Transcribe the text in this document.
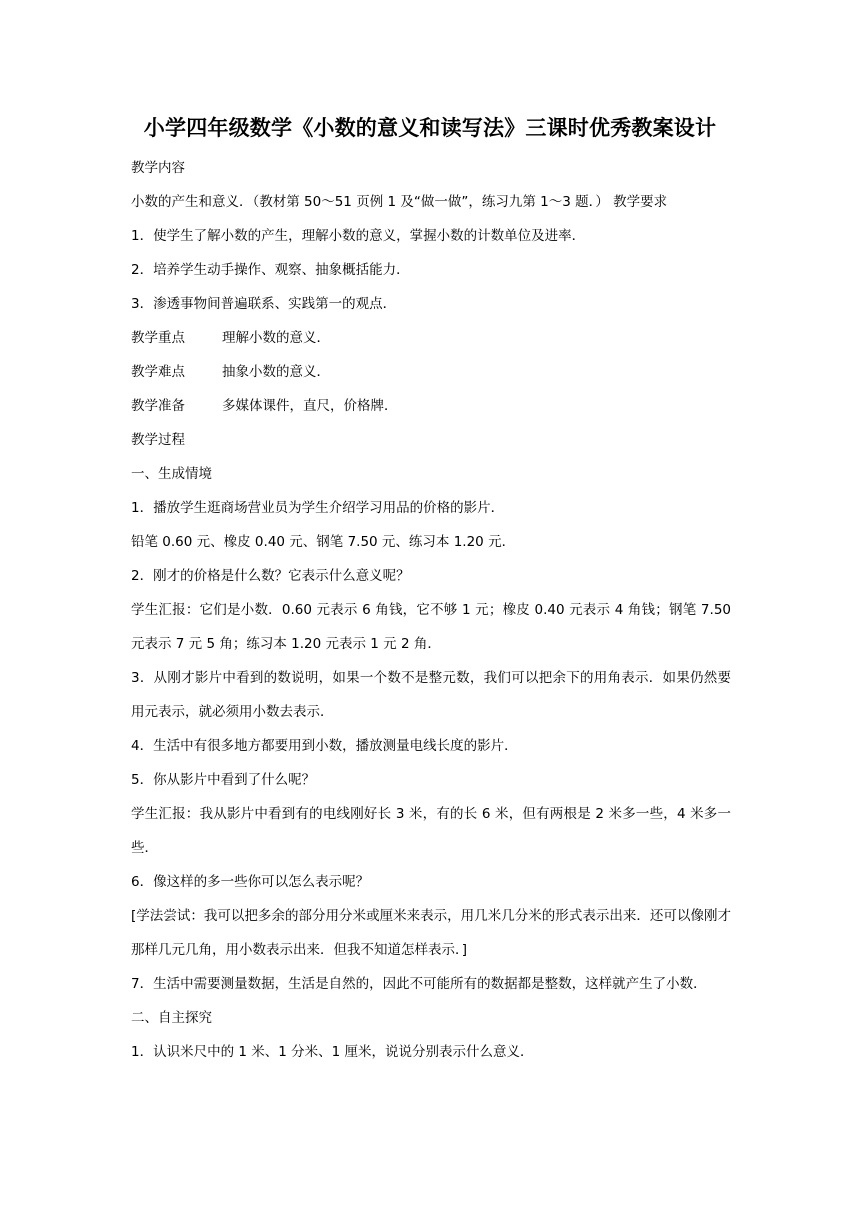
小学四年级数学《小数的意义和读写法》三课时优秀教案设计
教学内容
小数的产生和意义．（教材第 50～51 页例 1 及“做一做”，练习九第 1～3 题．） 教学要求
1．使学生了解小数的产生，理解小数的意义，掌握小数的计数单位及进率．
2．培养学生动手操作、观察、抽象概括能力．
3．渗透事物间普遍联系、实践第一的观点．
教学重点	理解小数的意义．
教学难点	抽象小数的意义．
教学准备	多媒体课件，直尺，价格牌．
教学过程
一、生成情境
1．播放学生逛商场营业员为学生介绍学习用品的价格的影片．
铅笔 0.60 元、橡皮 0.40 元、钢笔 7.50 元、练习本 1.20 元．
2．刚才的价格是什么数？它表示什么意义呢？
学生汇报：它们是小数．0.60 元表示 6 角钱，它不够 1 元；橡皮 0.40 元表示 4 角钱；钢笔 7.50 元表示 7 元 5 角；练习本 1.20 元表示 1 元 2 角．
3．从刚才影片中看到的数说明，如果一个数不是整元数，我们可以把余下的用角表示．如果仍然要用元表示，就必须用小数去表示．
4．生活中有很多地方都要用到小数，播放测量电线长度的影片．
5．你从影片中看到了什么呢？
学生汇报：我从影片中看到有的电线刚好长 3 米，有的长 6 米，但有两根是 2 米多一些，4 米多一些．
6．像这样的多一些你可以怎么表示呢？
[学法尝试：我可以把多余的部分用分米或厘米来表示，用几米几分米的形式表示出来．还可以像刚才那样几元几角，用小数表示出来．但我不知道怎样表示．]
7．生活中需要测量数据，生活是自然的，因此不可能所有的数据都是整数，这样就产生了小数．
二、自主探究
1．认识米尺中的 1 米、1 分米、1 厘米，说说分别表示什么意义．
